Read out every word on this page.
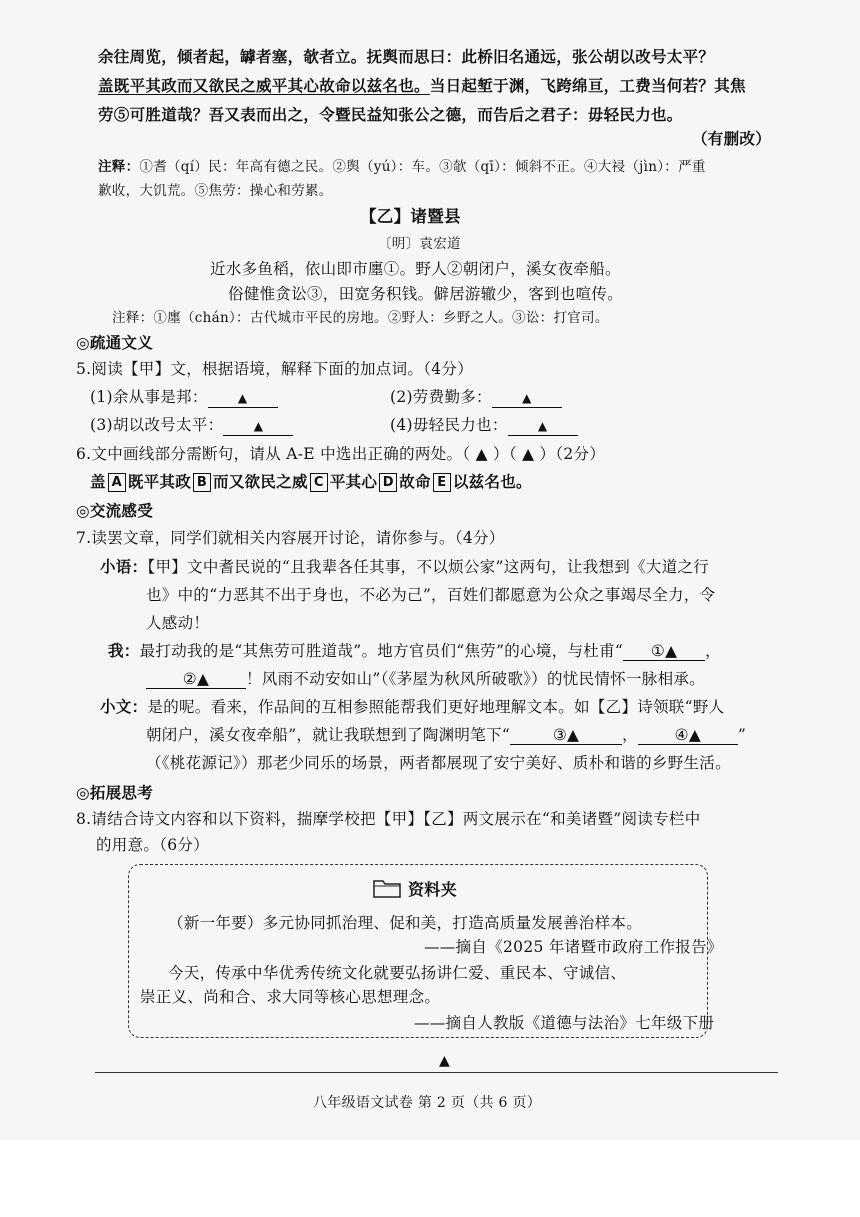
余往周览，倾者起，罅者塞，欹者立。抚舆而思曰：此桥旧名通远，张公胡以改号太平？
盖既平其政而又欲民之威平其心故命以兹名也。当日起堑于渊，飞跨绵亘，工费当何若？其焦
劳⑤可胜道哉？吾又表而出之，令暨民益知张公之德，而告后之君子：毋轻民力也。
（有删改）
注释：①耆（qí）民：年高有德之民。②舆（yú）：车。③欹（qī）：倾斜不正。④大祲（jìn）：严重
歉收，大饥荒。⑤焦劳：操心和劳累。
【乙】诸暨县
〔明〕袁宏道
近水多鱼稻，依山即市廛①。野人②朝闭户，溪女夜牵船。
俗健惟贪讼③，田宽务积钱。僻居游辙少，客到也喧传。
注释：①廛（chán）：古代城市平民的房地。②野人：乡野之人。③讼：打官司。
◎疏通文义
5.阅读【甲】文，根据语境，解释下面的加点词。（4分）
(1)余从事是邦：	▲	(2)劳费勤多：	▲
(3)胡以改号太平：	▲	(4)毋轻民力也：	▲
6.文中画线部分需断句，请从 A-E 中选出正确的两处。（ ▲ ）（ ▲ ）（2分）
盖 A 既平其政 B 而又欲民之威 C 平其心 D 故命 E 以兹名也。
◎交流感受
7.读罢文章，同学们就相关内容展开讨论，请你参与。（4分）
小语：【甲】文中耆民说的“且我辈各任其事，不以烦公家”这两句，让我想到《大道之行
也》中的“力恶其不出于身也，不必为己”，百姓们都愿意为公众之事竭尽全力，令
人感动！
我：最打动我的是“其焦劳可胜道哉”。地方官员们“焦劳”的心境，与杜甫“ ①▲ ，
②▲ ！风雨不动安如山”（《茅屋为秋风所破歌》）的忧民情怀一脉相承。
小文：是的呢。看来，作品间的互相参照能帮我们更好地理解文本。如【乙】诗领联“野人
朝闭户，溪女夜牵船”，就让我联想到了陶渊明笔下“	③▲	， ④▲ ”
（《桃花源记》）那老少同乐的场景，两者都展现了安宁美好、质朴和谐的乡野生活。
◎拓展思考
8.请结合诗文内容和以下资料，揣摩学校把【甲】【乙】两文展示在“和美诸暨”阅读专栏中
的用意。（6分）
资料夹
（新一年要）多元协同抓治理、促和美，打造高质量发展善治样本。
——摘自《2025 年诸暨市政府工作报告》
今天，传承中华优秀传统文化就要弘扬讲仁爱、重民本、守诚信、
崇正义、尚和合、求大同等核心思想理念。
——摘自人教版《道德与法治》七年级下册
▲
八年级语文试卷 第 2 页（共 6 页）
